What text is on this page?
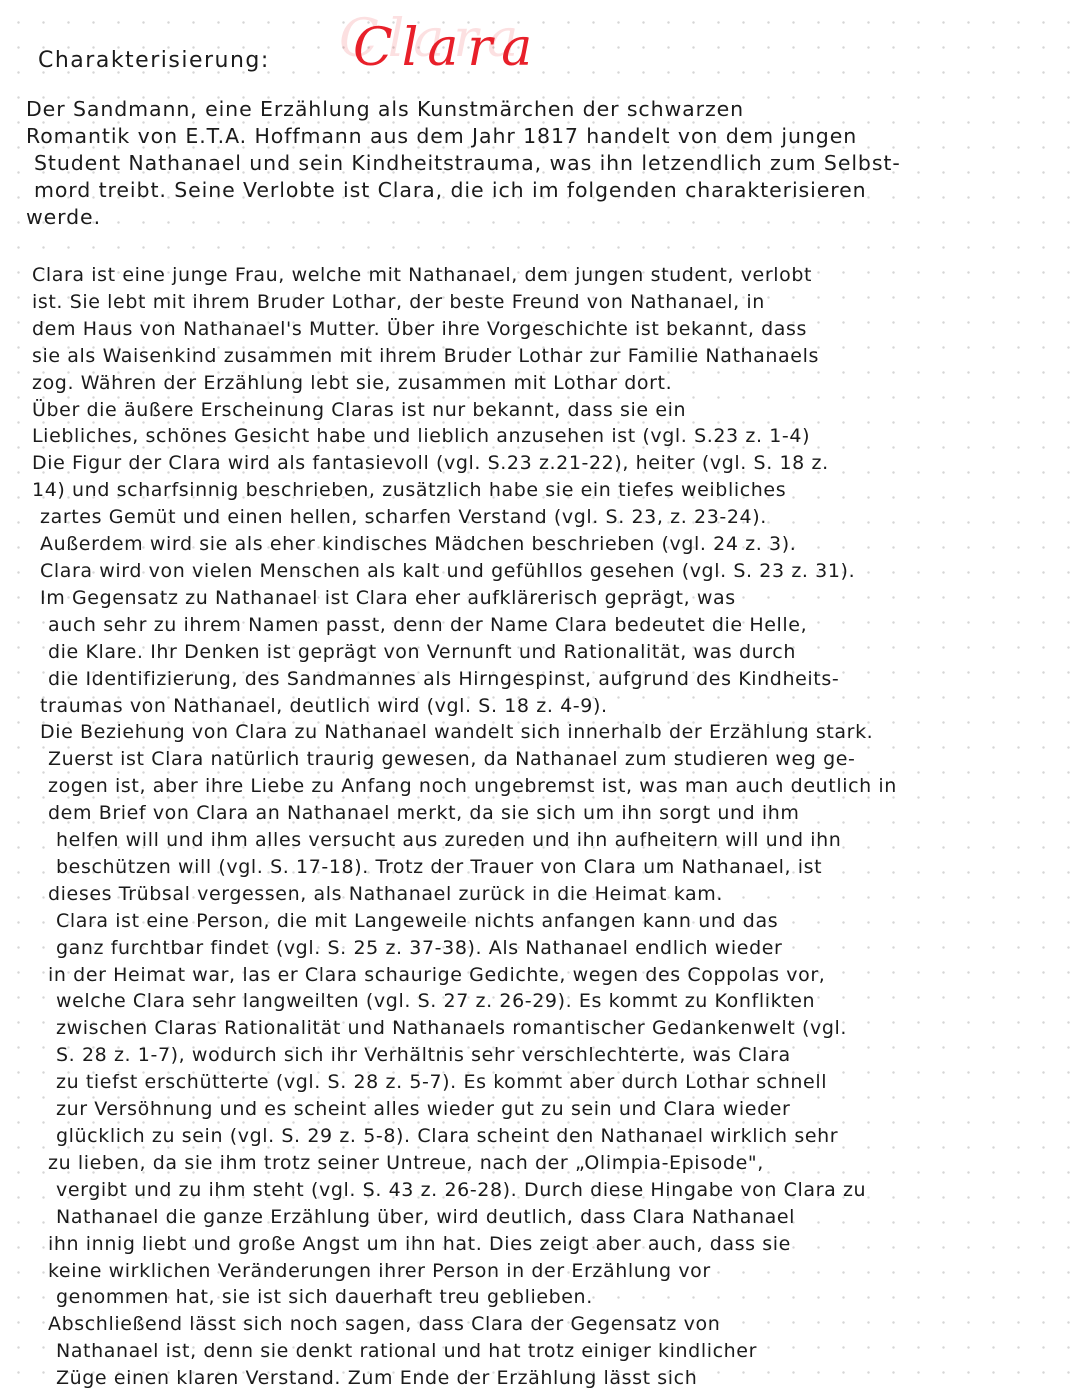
Charakterisierung: Clara
Der Sandmann, eine Erzählung als Kunstmärchen der schwarzen
Romantik von E.T.A. Hoffmann aus dem Jahr 1817 handelt von dem jungen
Student Nathanael und sein Kindheitstrauma, was ihn letzendlich zum Selbst-
mord treibt. Seine Verlobte ist Clara, die ich im folgenden charakterisieren
werde.
Clara ist eine junge Frau, welche mit Nathanael, dem jungen student, verlobt
ist. Sie lebt mit ihrem Bruder Lothar, der beste Freund von Nathanael, in
dem Haus von Nathanael's Mutter. Über ihre Vorgeschichte ist bekannt, dass
sie als Waisenkind zusammen mit ihrem Bruder Lothar zur Familie Nathanaels
zog. Währen der Erzählung lebt sie, zusammen mit Lothar dort.
Über die äußere Erscheinung Claras ist nur bekannt, dass sie ein
Liebliches, schönes Gesicht habe und lieblich anzusehen ist (vgl. S.23 z. 1-4)
Die Figur der Clara wird als fantasievoll (vgl. S.23 z.21-22), heiter (vgl. S. 18 z.
14) und scharfsinnig beschrieben, zusätzlich habe sie ein tiefes weibliches
zartes Gemüt und einen hellen, scharfen Verstand (vgl. S. 23, z. 23-24).
Außerdem wird sie als eher kindisches Mädchen beschrieben (vgl. 24 z. 3).
Clara wird von vielen Menschen als kalt und gefühllos gesehen (vgl. S. 23 z. 31).
Im Gegensatz zu Nathanael ist Clara eher aufklärerisch geprägt, was
auch sehr zu ihrem Namen passt, denn der Name Clara bedeutet die Helle,
die Klare. Ihr Denken ist geprägt von Vernunft und Rationalität, was durch
die Identifizierung, des Sandmannes als Hirngespinst, aufgrund des Kindheits-
traumas von Nathanael, deutlich wird (vgl. S. 18 z. 4-9).
Die Beziehung von Clara zu Nathanael wandelt sich innerhalb der Erzählung stark.
Zuerst ist Clara natürlich traurig gewesen, da Nathanael zum studieren weg ge-
zogen ist, aber ihre Liebe zu Anfang noch ungebremst ist, was man auch deutlich in
dem Brief von Clara an Nathanael merkt, da sie sich um ihn sorgt und ihm
helfen will und ihm alles versucht aus zureden und ihn aufheitern will und ihn
beschützen will (vgl. S. 17-18). Trotz der Trauer von Clara um Nathanael, ist
dieses Trübsal vergessen, als Nathanael zurück in die Heimat kam.
Clara ist eine Person, die mit Langeweile nichts anfangen kann und das
ganz furchtbar findet (vgl. S. 25 z. 37-38). Als Nathanael endlich wieder
in der Heimat war, las er Clara schaurige Gedichte, wegen des Coppolas vor,
welche Clara sehr langweilten (vgl. S. 27 z. 26-29). Es kommt zu Konflikten
zwischen Claras Rationalität und Nathanaels romantischer Gedankenwelt (vgl.
S. 28 z. 1-7), wodurch sich ihr Verhältnis sehr verschlechterte, was Clara
zu tiefst erschütterte (vgl. S. 28 z. 5-7). Es kommt aber durch Lothar schnell
zur Versöhnung und es scheint alles wieder gut zu sein und Clara wieder
glücklich zu sein (vgl. S. 29 z. 5-8). Clara scheint den Nathanael wirklich sehr
zu lieben, da sie ihm trotz seiner Untreue, nach der „Olimpia-Episode",
vergibt und zu ihm steht (vgl. S. 43 z. 26-28). Durch diese Hingabe von Clara zu
Nathanael die ganze Erzählung über, wird deutlich, dass Clara Nathanael
ihn innig liebt und große Angst um ihn hat. Dies zeigt aber auch, dass sie
keine wirklichen Veränderungen ihrer Person in der Erzählung vor
genommen hat, sie ist sich dauerhaft treu geblieben.
Abschließend lässt sich noch sagen, dass Clara der Gegensatz von
Nathanael ist, denn sie denkt rational und hat trotz einiger kindlicher
Züge einen klaren Verstand. Zum Ende der Erzählung lässt sich
